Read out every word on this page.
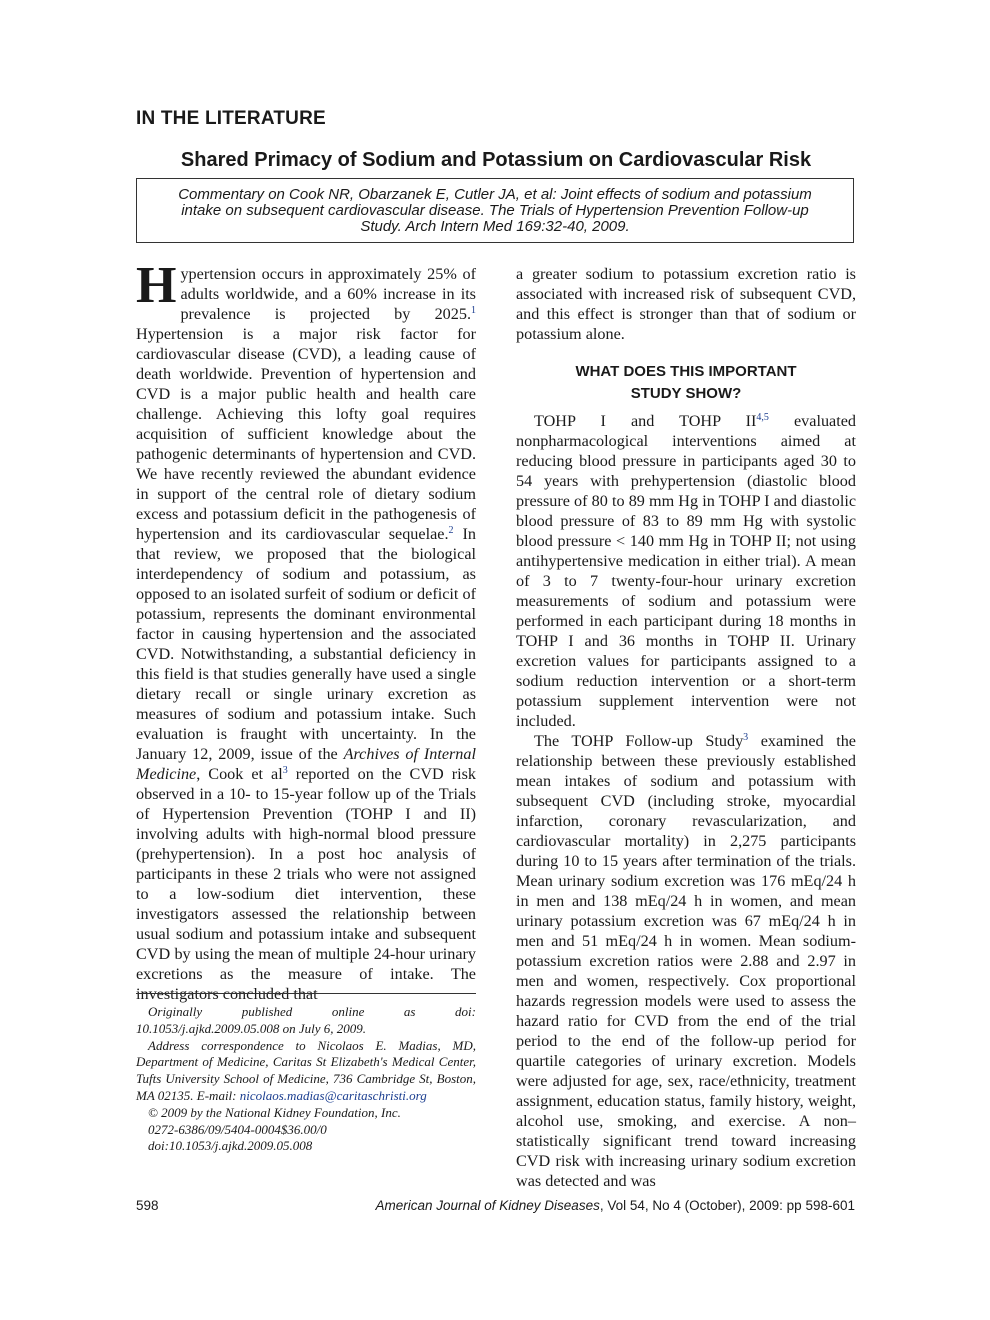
IN THE LITERATURE
Shared Primacy of Sodium and Potassium on Cardiovascular Risk
Commentary on Cook NR, Obarzanek E, Cutler JA, et al: Joint effects of sodium and potassium intake on subsequent cardiovascular disease. The Trials of Hypertension Prevention Follow-up Study. Arch Intern Med 169:32-40, 2009.

Hypertension occurs in approximately 25% of adults worldwide, and a 60% increase in its prevalence is projected by 2025.$^1$ Hypertension is a major risk factor for cardiovascular disease (CVD), a leading cause of death worldwide. Prevention of hypertension and CVD is a major public health and health care challenge. Achieving this lofty goal requires acquisition of sufficient knowledge about the pathogenic determinants of hypertension and CVD. We have recently reviewed the abundant evidence in support of the central role of dietary sodium excess and potassium deficit in the pathogenesis of hypertension and its cardiovascular sequelae.$^2$ In that review, we proposed that the biological interdependency of sodium and potassium, as opposed to an isolated surfeit of sodium or deficit of potassium, represents the dominant environmental factor in causing hypertension and the associated CVD. Notwithstanding, a substantial deficiency in this field is that studies generally have used a single dietary recall or single urinary excretion as measures of sodium and potassium intake. Such evaluation is fraught with uncertainty. In the January 12, 2009, issue of the Archives of Internal Medicine, Cook et $al^3$ reported on the CVD risk observed in a 10- to 15-year follow up of the Trials of Hypertension Prevention (TOHP I and II) involving adults with high-normal blood pressure (prehypertension). In a post hoc analysis of participants in these 2 trials who were not assigned to a low-sodium diet intervention, these investigators assessed the relationship between usual sodium and potassium intake and subsequent CVD by using the mean of multiple 24-hour urinary excretions as the measure of intake. The investigators concluded that

a greater sodium to potassium excretion ratio is associated with increased risk of subsequent CVD, and this effect is stronger than that of sodium or potassium alone.

WHAT DOES THIS IMPORTANT
STUDY SHOW?

TOHP I and TOHP II$^{4,5}$ evaluated nonpharmacological interventions aimed at reducing blood pressure in participants aged 30 to 54 years with prehypertension (diastolic blood pressure of 80 to 89 mm Hg in TOHP I and diastolic blood pressure of 83 to 89 mm Hg with systolic blood pressure < 140 mm Hg in TOHP II; not using antihypertensive medication in either trial). A mean of 3 to 7 twenty-four-hour urinary excretion measurements of sodium and potassium were performed in each participant during 18 months in TOHP I and 36 months in TOHP II. Urinary excretion values for participants assigned to a sodium reduction intervention or a short-term potassium supplement intervention were not included.

The TOHP Follow-up Study$^3$ examined the relationship between these previously established mean intakes of sodium and potassium with subsequent CVD (including stroke, myocardial infarction, coronary revascularization, and cardiovascular mortality) in 2,275 participants during 10 to 15 years after termination of the trials. Mean urinary sodium excretion was 176 mEq/24 h in men and 138 mEq/24 h in women, and mean urinary potassium excretion was 67 mEq/24 h in men and 51 mEq/24 h in women. Mean sodium-potassium excretion ratios were 2.88 and 2.97 in men and women, respectively. Cox proportional hazards regression models were used to assess the hazard ratio for CVD from the end of the trial period to the end of the follow-up period for quartile categories of urinary excretion. Models were adjusted for age, sex, race/ethnicity, treatment assignment, education status, family history, weight, alcohol use, smoking, and exercise. A non–statistically significant trend toward increasing CVD risk with increasing urinary sodium excretion was detected and was

Originally published online as doi: 10.1053/j.ajkd.2009.05.008 on July 6, 2009.

Address correspondence to Nicolaos E. Madias, MD, Department of Medicine, Caritas St Elizabeth's Medical Center, Tufts University School of Medicine, 736 Cambridge St, Boston, MA 02135. E-mail: nicolaos.madias@caritaschristi.org

© 2009 by the National Kidney Foundation, Inc.

0272-6386/09/5404-0004$36.00/0

doi:10.1053/j.ajkd.2009.05.008

598	American Journal of Kidney Diseases, Vol 54, No 4 (October), 2009: pp 598-601
